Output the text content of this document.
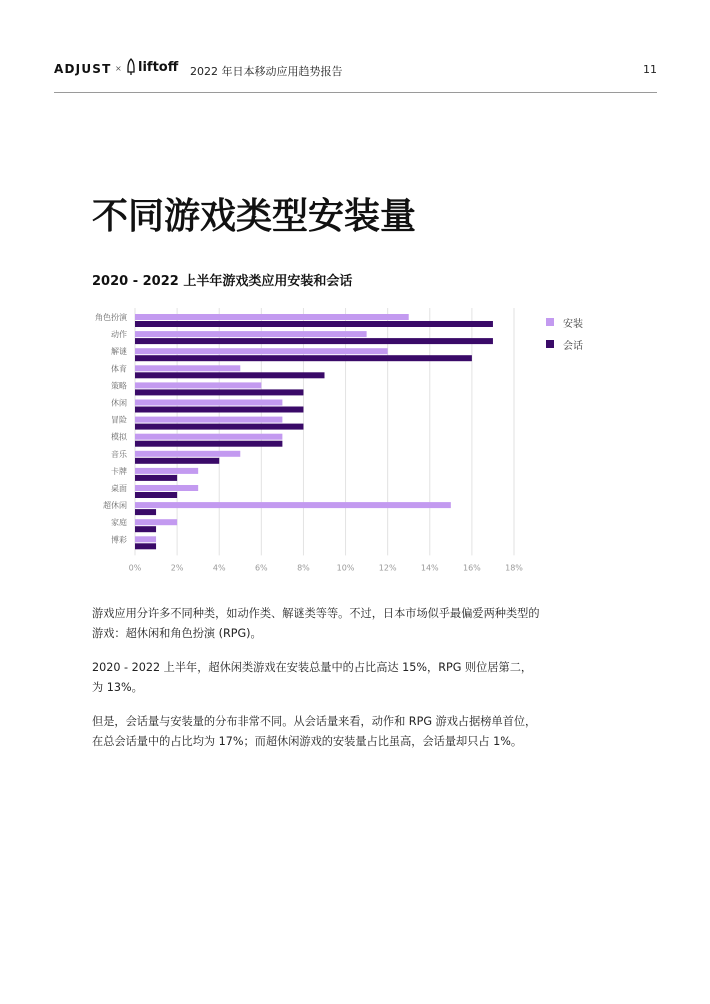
ADJUST × liftoff 2022 年日本移动应用趋势报告	11
不同游戏类型安装量
2020 - 2022 上半年游戏类应用安装和会话
0%	2%	4%	6%	8%	10%	12%	14%	16%	18%
角色扮演
动作
解谜
体育
策略
休闲
冒险
模拟
音乐
卡牌
桌面
超休闲
家庭
博彩
安装
会话

游戏应用分许多不同种类，如动作类、解谜类等等。不过，日本市场似乎最偏爱两种类型的游戏：超休闲和角色扮演 (RPG)。

2020 - 2022 上半年，超休闲类游戏在安装总量中的占比高达 15%，RPG 则位居第二，为 13%。

但是，会话量与安装量的分布非常不同。从会话量来看，动作和 RPG 游戏占据榜单首位，在总会话量中的占比均为 17%；而超休闲游戏的安装量占比虽高，会话量却只占 1%。
